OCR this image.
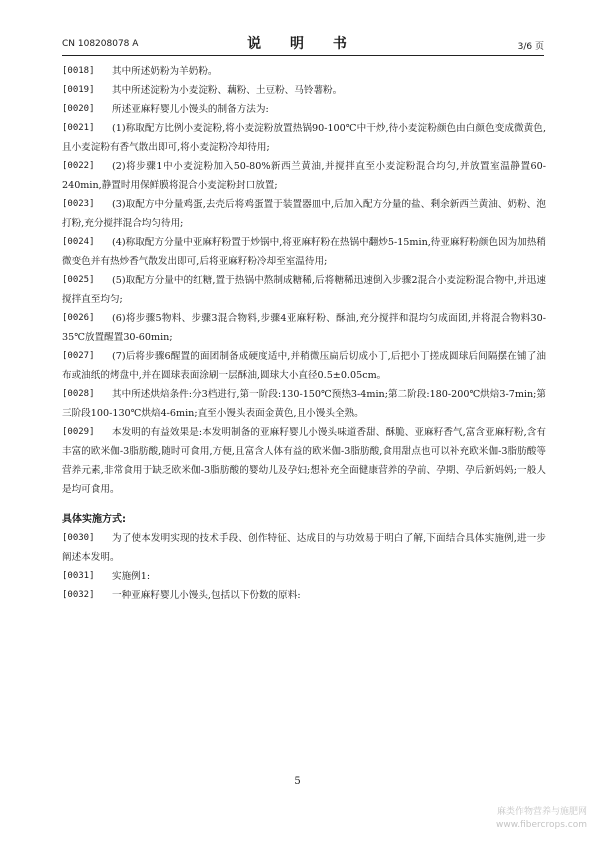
CN 108208078 A	说 明 书	3/6 页

[0018] 其中所述奶粉为羊奶粉。

[0019] 其中所述淀粉为小麦淀粉、藕粉、土豆粉、马铃薯粉。

[0020] 所述亚麻籽婴儿小馒头的制备方法为:

[0021] (1)称取配方比例小麦淀粉,将小麦淀粉放置热锅90-100℃中干炒,待小麦淀粉颜色由白颜色变成微黄色,且小麦淀粉有香气散出即可,将小麦淀粉冷却待用;

[0022] (2)将步骤1中小麦淀粉加入50-80%新西兰黄油,并搅拌直至小麦淀粉混合均匀,并放置室温静置60-240min,静置时用保鲜膜将混合小麦淀粉封口放置;

[0023] (3)取配方中分量鸡蛋,去壳后将鸡蛋置于装置器皿中,后加入配方分量的盐、剩余新西兰黄油、奶粉、泡打粉,充分搅拌混合均匀待用;

[0024] (4)称取配方分量中亚麻籽粉置于炒锅中,将亚麻籽粉在热锅中翻炒5-15min,待亚麻籽粉颜色因为加热稍微变色并有热炒香气散发出即可,后将亚麻籽粉冷却至室温待用;

[0025] (5)取配方分量中的红糖,置于热锅中熬制成糖稀,后将糖稀迅速倒入步骤2混合小麦淀粉混合物中,并迅速搅拌直至均匀;

[0026] (6)将步骤5物料、步骤3混合物料,步骤4亚麻籽粉、酥油,充分搅拌和混均匀成面团,并将混合物料30-35℃放置醒置30-60min;

[0027] (7)后将步骤6醒置的面团制备成硬度适中,并稍微压扁后切成小丁,后把小丁搓成圆球后间隔摆在铺了油布或油纸的烤盘中,并在圆球表面涂刷一层酥油,圆球大小直径0.5±0.05cm。

[0028] 其中所述烘焙条件:分3档进行,第一阶段:130-150℃预热3-4min;第二阶段:180-200℃烘焙3-7min;第三阶段100-130℃烘焙4-6min;直至小馒头表面金黄色,且小馒头全熟。

[0029] 本发明的有益效果是:本发明制备的亚麻籽婴儿小馒头味道香甜、酥脆、亚麻籽香气,富含亚麻籽粉,含有丰富的欧米伽-3脂肪酸,随时可食用,方便,且富含人体有益的欧米伽-3脂肪酸,食用甜点也可以补充欧米伽-3脂肪酸等营养元素,非常食用于缺乏欧米伽-3脂肪酸的婴幼儿及孕妇;想补充全面健康营养的孕前、孕期、孕后新妈妈;一般人是均可食用。

具体实施方式:

[0030] 为了使本发明实现的技术手段、创作特征、达成目的与功效易于明白了解,下面结合具体实施例,进一步阐述本发明。

[0031] 实施例1:

[0032] 一种亚麻籽婴儿小馒头,包括以下份数的原料:

5
麻类作物营养与施肥网
www.fibercrops.com
